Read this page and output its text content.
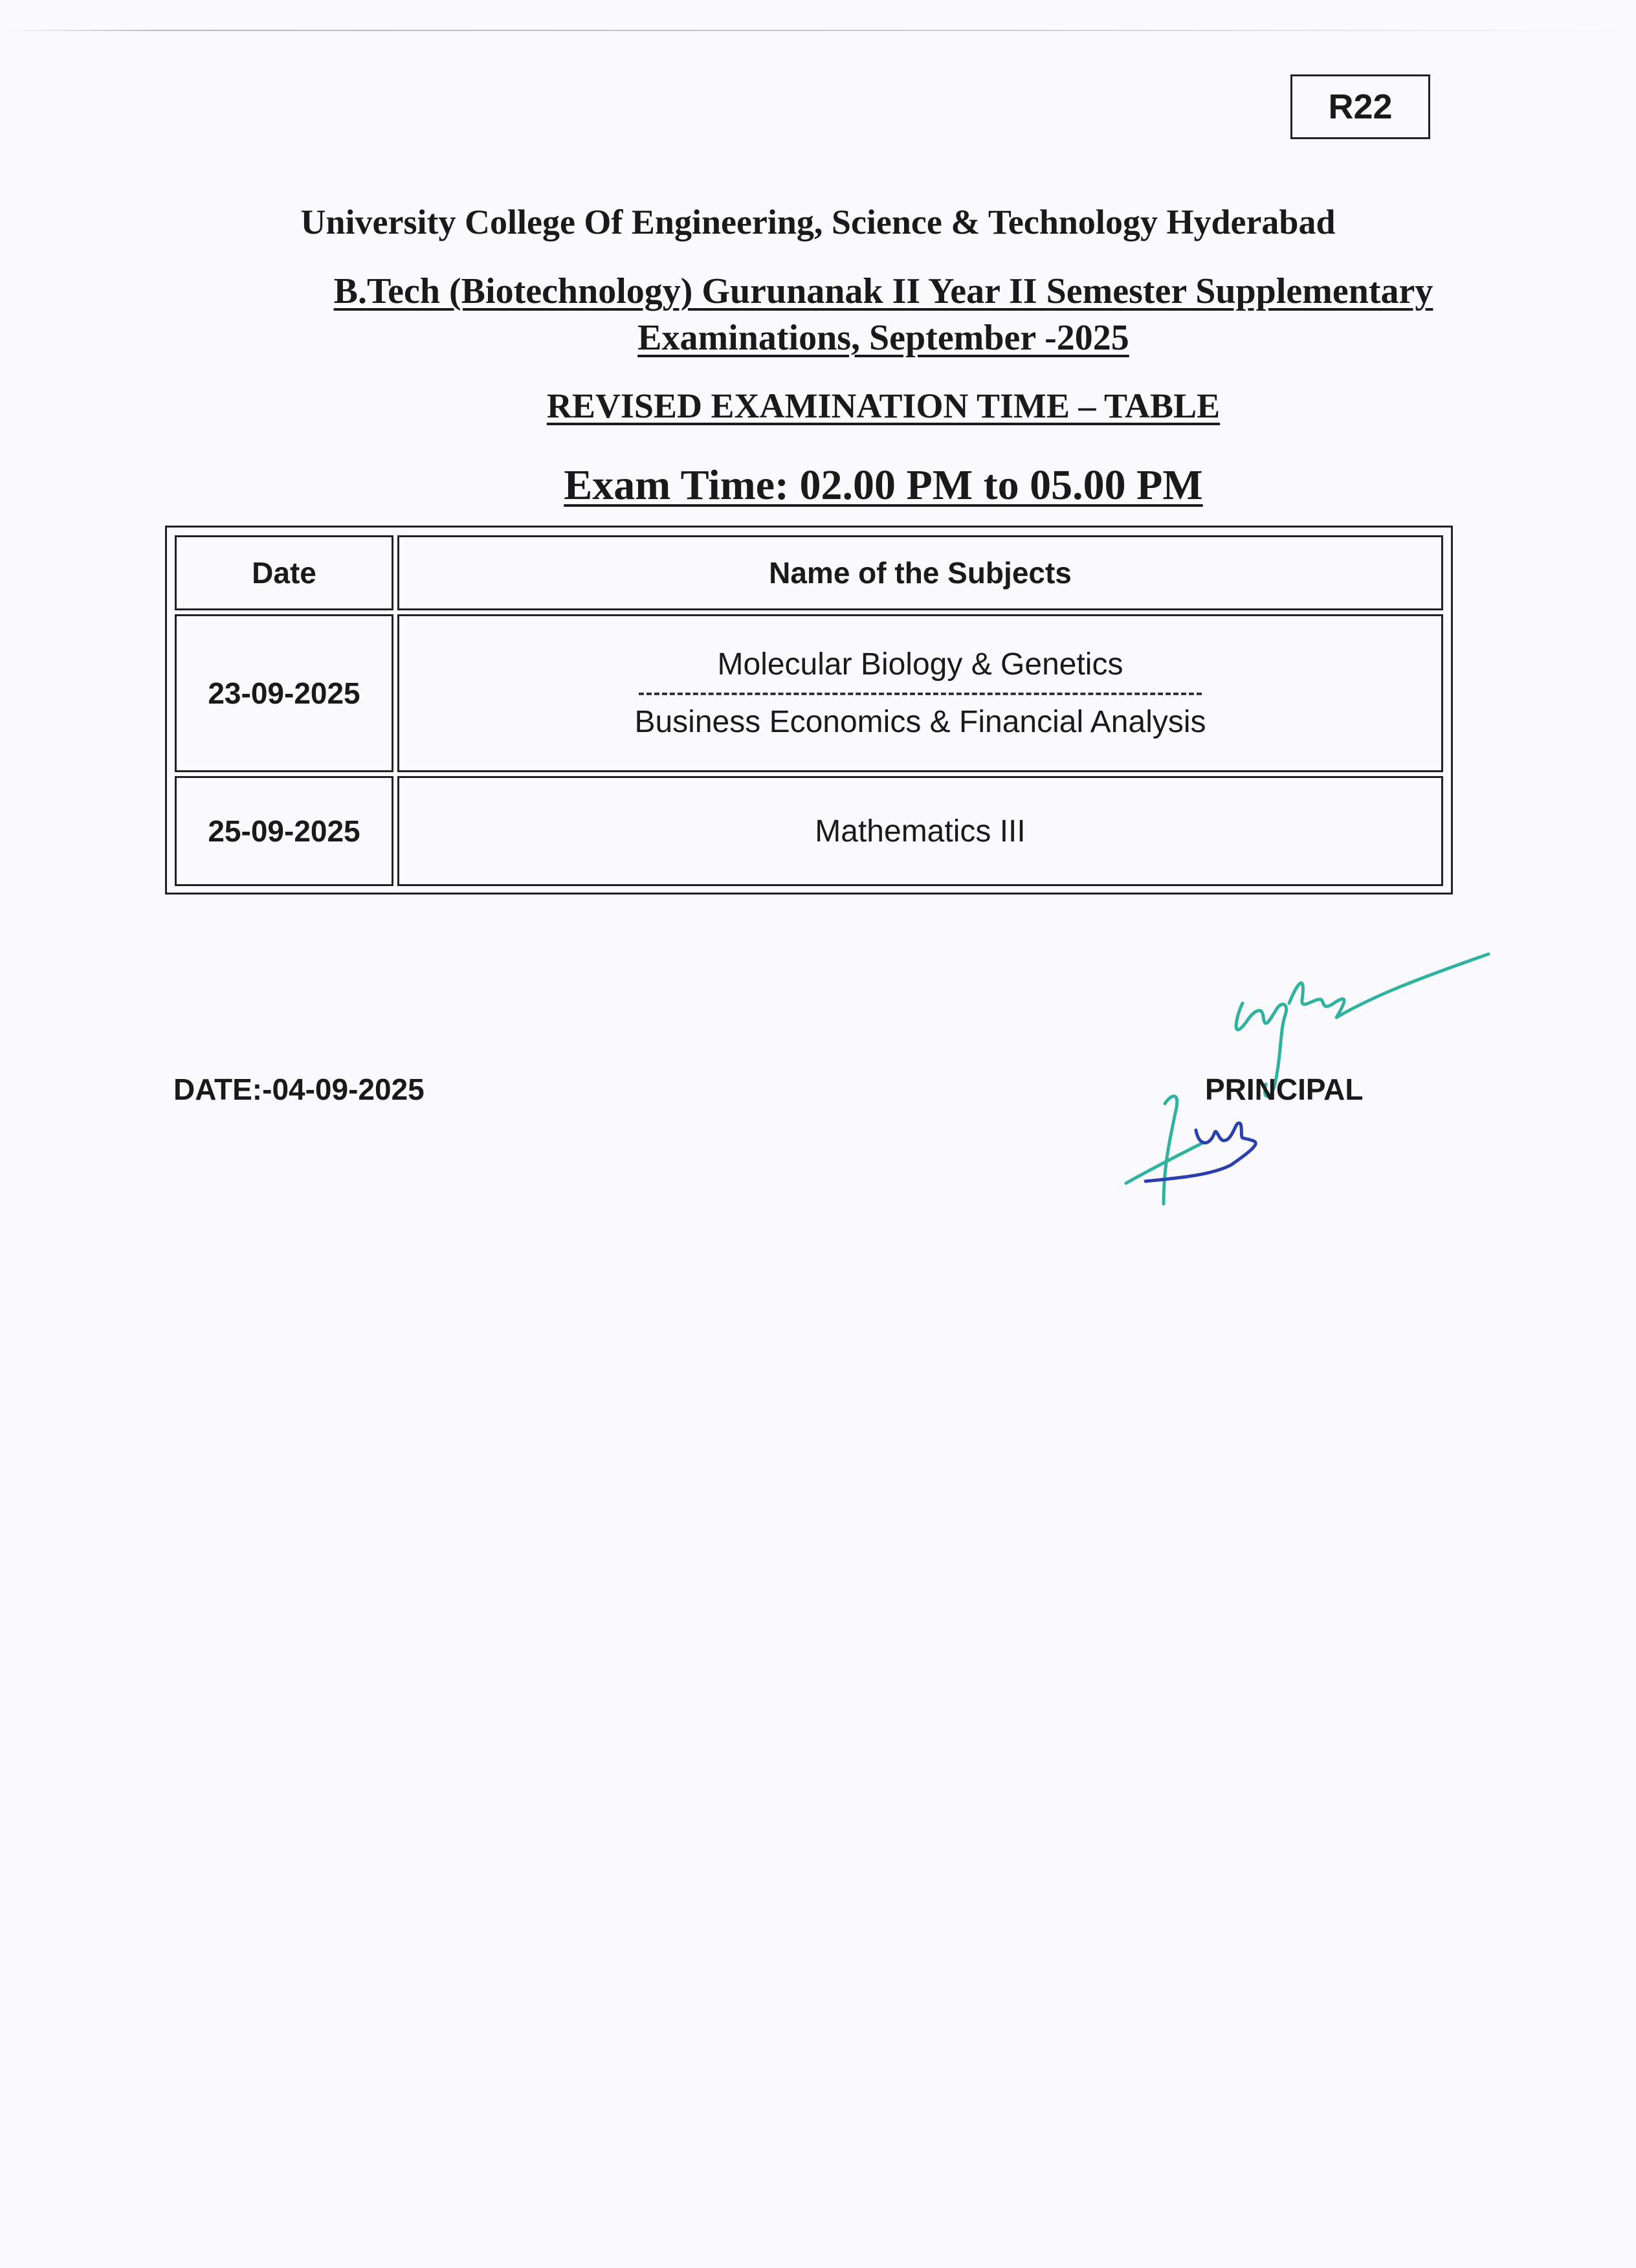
R22
University College Of Engineering, Science & Technology Hyderabad
B.Tech (Biotechnology) Gurunanak II Year II Semester Supplementary
Examinations, September -2025
REVISED EXAMINATION TIME – TABLE
Exam Time: 02.00 PM to 05.00 PM
Date	Name of the Subjects
23-09-2025	Molecular Biology & Genetics
Business Economics & Financial Analysis

25-09-2025	Mathematics III
DATE:-04-09-2025	PRINCIPAL
